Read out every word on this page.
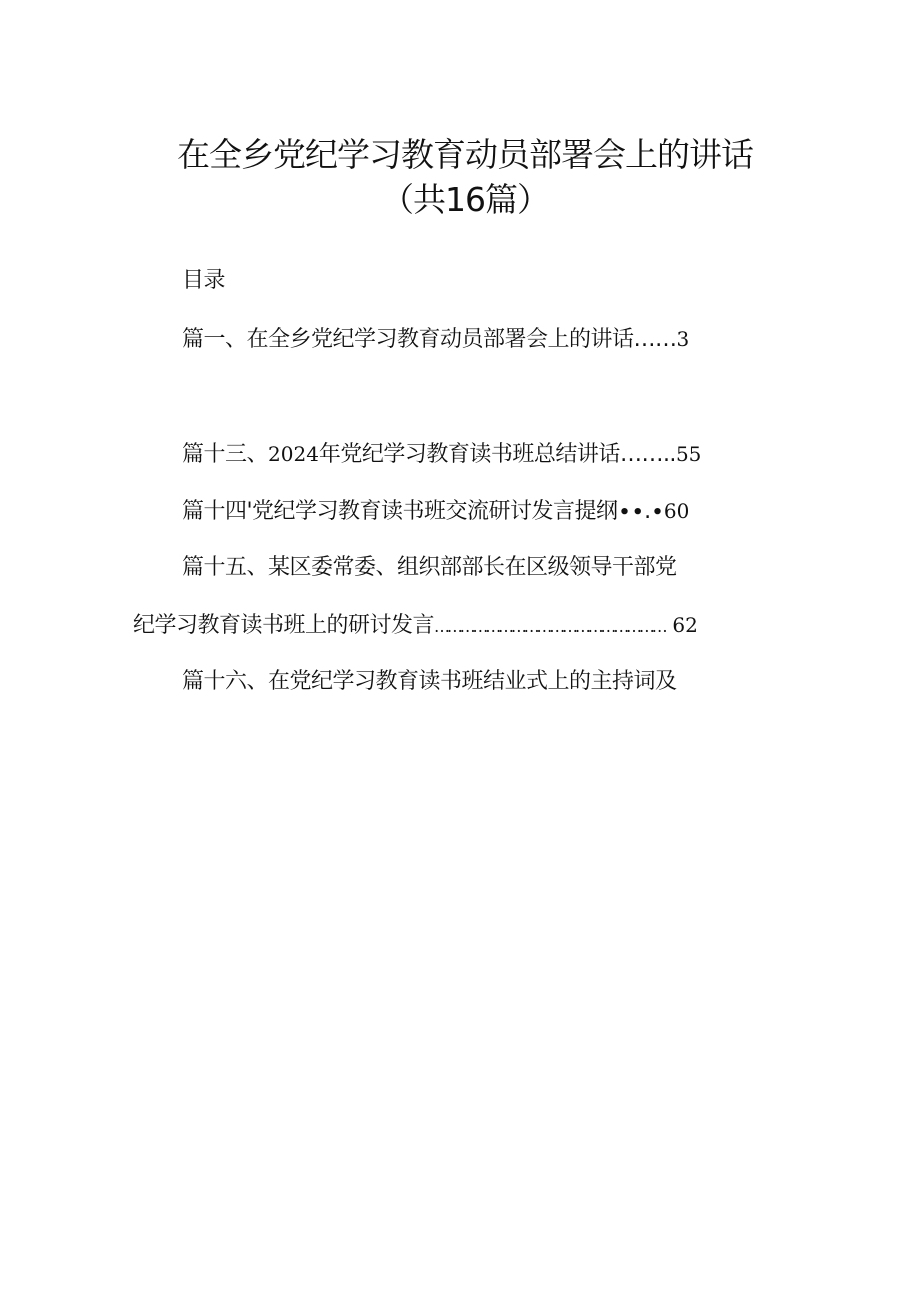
在全乡党纪学习教育动员部署会上的讲话
（共16篇）
目录
篇一、在全乡党纪学习教育动员部署会上的讲话……3
篇十三、2024年党纪学习教育读书班总结讲话……..55
篇十四'党纪学习教育读书班交流研讨发言提纲∙∙.∙60
篇十五、某区委常委、组织部部长在区级领导干部党
纪学习教育读书班上的研讨发言……………………………………………… 62
篇十六、在党纪学习教育读书班结业式上的主持词及
